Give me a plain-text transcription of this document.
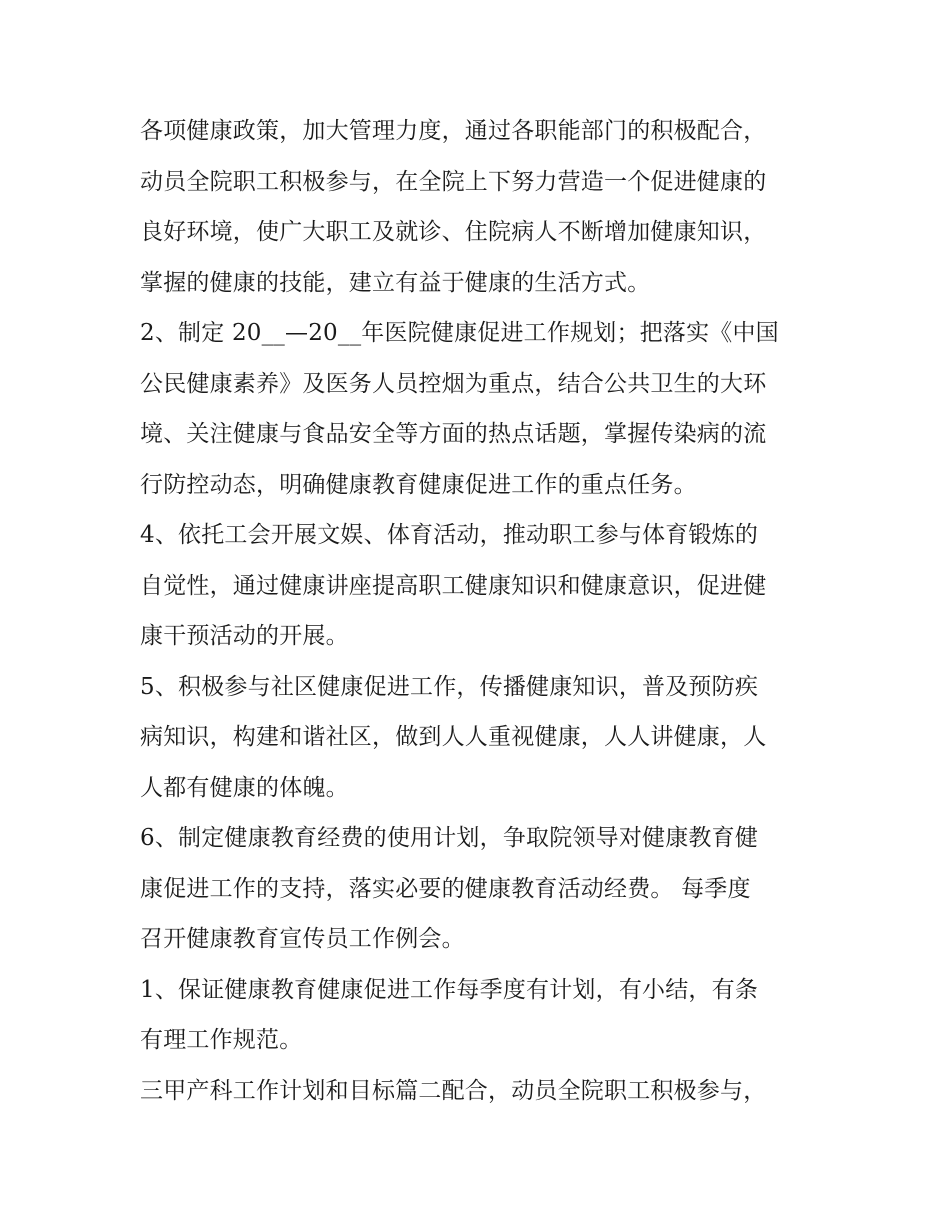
各项健康政策，加大管理力度，通过各职能部门的积极配合，
动员全院职工积极参与，在全院上下努力营造一个促进健康的
良好环境，使广大职工及就诊、住院病人不断增加健康知识，
掌握的健康的技能，建立有益于健康的生活方式。
2、制定 20__—20__年医院健康促进工作规划；把落实《中国
公民健康素养》及医务人员控烟为重点，结合公共卫生的大环
境、关注健康与食品安全等方面的热点话题，掌握传染病的流
行防控动态，明确健康教育健康促进工作的重点任务。
4、依托工会开展文娱、体育活动，推动职工参与体育锻炼的
自觉性，通过健康讲座提高职工健康知识和健康意识，促进健
康干预活动的开展。
5、积极参与社区健康促进工作，传播健康知识，普及预防疾
病知识，构建和谐社区，做到人人重视健康，人人讲健康，人
人都有健康的体魄。
6、制定健康教育经费的使用计划，争取院领导对健康教育健
康促进工作的支持，落实必要的健康教育活动经费。 每季度
召开健康教育宣传员工作例会。
1、保证健康教育健康促进工作每季度有计划，有小结，有条
有理工作规范。
三甲产科工作计划和目标篇二配合，动员全院职工积极参与，
